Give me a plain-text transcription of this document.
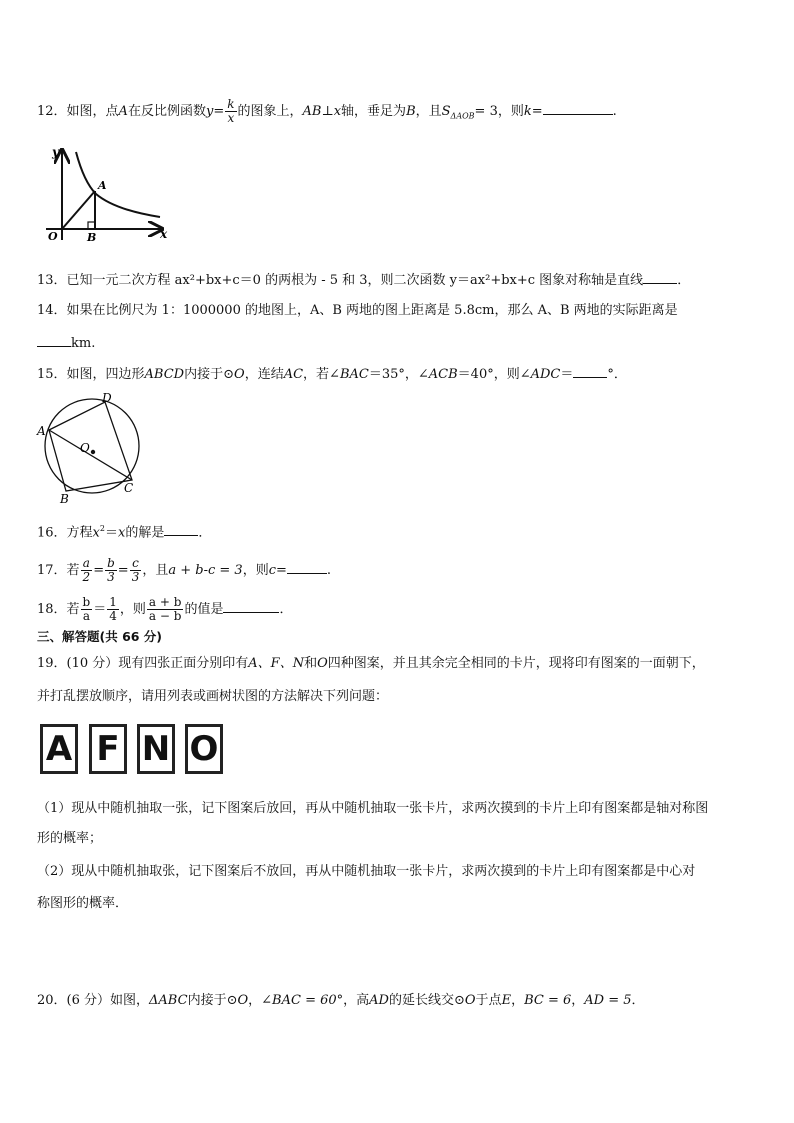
12．如图，点A在反比例函数$y= \frac{k}{x}$ 的图象上，AB⊥x轴，垂足为B，且$S_{\Delta AOB}= 3$，则k=	.
y
A
O	B	x
13．已知一元二次方程 ax²+bx+c＝0 的两根为 - 5 和 3，则二次函数 y＝ax²+bx+c 图象对称轴是直线	．
14．如果在比例尺为 1：1000000 的地图上，A、B 两地的图上距离是 5.8cm，那么 A、B 两地的实际距离是
km.
15．如图，四边形ABCD内接于⊙O，连结AC，若∠BAC＝35°，∠ACB＝40°，则∠ADC＝	°．
D
A
O
B
C
16．方程$x^2=x$的解是	．
17．若 $\frac{a}{2} = \frac{b}{3} = \frac{c}{3}$ ，且a + b-c = 3，则c=	.
18．若 $\frac{b}{a} = \frac{1}{4}$ ，则 $\frac{a + b}{a - b}$ 的值是	．
三、解答题(共 66 分)
19．(10 分）现有四张正面分别印有A、F、N和O四种图案，并且其余完全相同的卡片，现将印有图案的一面朝下，
并打乱摆放顺序，请用列表或画树状图的方法解决下列问题：
A F N O
（1）现从中随机抽取一张，记下图案后放回，再从中随机抽取一张卡片，求两次摸到的卡片上印有图案都是轴对称图
形的概率；
（2）现从中随机抽取张，记下图案后不放回，再从中随机抽取一张卡片，求两次摸到的卡片上印有图案都是中心对
称图形的概率．
20．(6 分）如图，ΔABC内接于⊙O，∠BAC = 60°，高AD的延长线交⊙O于点E，BC = 6，AD = 5．
